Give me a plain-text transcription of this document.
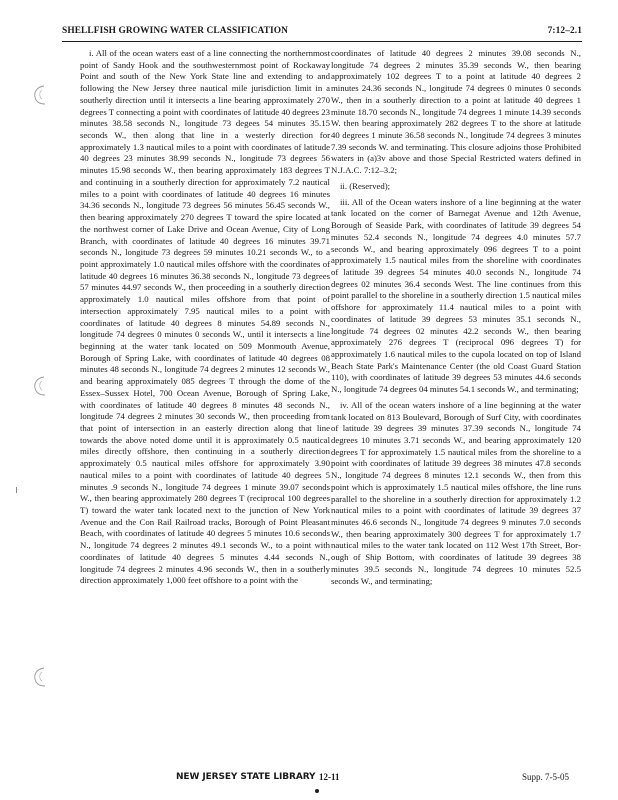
SHELLFISH GROWING WATER CLASSIFICATION	7:12–2.1

i. All of the ocean waters east of a line connecting the northernmost point of Sandy Hook and the southwesternmost point of Rockaway Point and south of the New York State line and extending to and following the New Jersey three nautical mile jurisdiction limit in a southerly direction until it intersects a line bearing approximately 270 degrees T connecting a point with coordinates of latitude 40 degrees 23 minutes 38.58 seconds N., longitude 73 degees 54 minutes 35.15 seconds W., then along that line in a westerly direction for approximately 1.3 nautical miles to a point with coordinates of latitude 40 degrees 23 minutes 38.99 seconds N., longitude 73 degrees 56 minutes 15.98 seconds W., then bearing approximately 183 degrees T and continuing in a southerly direction for approximately 7.2 nautical miles to a point with coordinates of latitude 40 degrees 16 minutes 34.36 seconds N., longitude 73 degrees 56 minutes 56.45 seconds W., then bearing approximately 270 degrees T toward the spire located at the northwest corner of Lake Drive and Ocean Avenue, City of Long Branch, with coordinates of latitude 40 degrees 16 minutes 39.71 seconds N., longitude 73 degrees 59 minutes 10.21 seconds W., to a point approximately 1.0 nautical miles offshore with the coordinates of latitude 40 degrees 16 minutes 36.38 seconds N., longitude 73 degrees 57 minutes 44.97 seconds W., then proceeding in a southerly direction approximately 1.0 nautical miles offshore from that point of intersection approximately 7.95 nautical miles to a point with coordinates of latitude 40 degrees 8 minutes 54.89 seconds N., longitude 74 degrees 0 minutes 0 seconds W., until it intersects a line beginning at the water tank located on 509 Monmouth Avenue, Borough of Spring Lake, with coordinates of latitude 40 degrees 08 minutes 48 seconds N., longitude 74 degrees 2 minutes 12 seconds W., and bearing approximately 085 degrees T through the dome of the Essex–Sussex Hotel, 700 Ocean Avenue, Borough of Spring Lake, with coordinates of latitude 40 degrees 8 minutes 48 seconds N., longitude 74 degrees 2 minutes 30 seconds W., then proceeding from that point of intersection in an easterly direction along that line towards the above noted dome until it is approximately 0.5 nautical miles directly offshore, then continuing in a southerly direction approximately 0.5 nautical miles offshore for approximately 3.90 nautical miles to a point with coordinates of latitude 40 degrees 5 minutes .9 seconds N., longitude 74 degrees 1 minute 39.07 seconds W., then bearing approximately 280 degrees T (reciprocal 100 degrees T) toward the water tank located next to the junction of New York Avenue and the Con Rail Railroad tracks, Borough of Point Pleasant Beach, with coordinates of latitude 40 degrees 5 minutes 10.6 seconds N., longitude 74 degrees 2 minutes 49.1 seconds W., to a point with coordinates of latitude 40 degrees 5 minutes 4.44 seconds N., longitude 74 degrees 2 minutes 4.96 seconds W., then in a southerly direction approximately 1,000 feet offshore to a point with the

coordinates of latitude 40 degrees 2 minutes 39.08 seconds N., longitude 74 degrees 2 minutes 35.39 seconds W., then bearing approximately 102 degrees T to a point at latitude 40 degrees 2 minutes 24.36 seconds N., longitude 74 degrees 0 minutes 0 seconds W., then in a southerly direction to a point at latitude 40 degrees 1 minute 18.70 seconds N., longitude 74 degrees 1 minute 14.39 seconds W. then bearing approximately 282 degrees T to the shore at latitude 40 degrees 1 minute 36.58 seconds N., longitude 74 degrees 3 minutes 7.39 seconds W. and terminating. This closure adjoins those Prohibited waters in (a)3v above and those Special Restricted waters defined in N.J.A.C. 7:12–3.2;

ii. (Reserved);

iii. All of the Ocean waters inshore of a line beginning at the water tank located on the corner of Barnegat Avenue and 12th Avenue, Borough of Seaside Park, with coordinates of latitude 39 degrees 54 minutes 52.4 seconds N., longitude 74 degrees 4.0 minutes 57.7 seconds W., and bearing approximately 096 degrees T to a point approximately 1.5 nautical miles from the shoreline with coordinates of latitude 39 degrees 54 minutes 40.0 seconds N., longitude 74 degrees 02 minutes 36.4 seconds West. The line continues from this point parallel to the shoreline in a southerly direction 1.5 nautical miles offshore for approximately 11.4 nautical miles to a point with coordinates of latitude 39 degrees 53 minutes 35.1 seconds N., longitude 74 degrees 02 minutes 42.2 seconds W., then bearing approximately 276 degrees T (reciprocal 096 degrees T) for approximately 1.6 nautical miles to the cupola located on top of Island Beach State Park's Maintenance Center (the old Coast Guard Station 110), with coordinates of latitude 39 degrees 53 minutes 44.6 seconds N., longitude 74 degrees 04 minutes 54.1 seconds W., and terminating;

iv. All of the ocean waters inshore of a line beginning at the water tank located on 813 Boulevard, Borough of Surf City, with coordinates of latitude 39 degrees 39 minutes 37.39 seconds N., longitude 74 degrees 10 minutes 3.71 seconds W., and bearing approximately 120 degrees T for approximately 1.5 nautical miles from the shoreline to a point with coordinates of latitude 39 degrees 38 minutes 47.8 seconds N., longitude 74 degrees 8 minutes 12.1 seconds W., then from this point which is approximately 1.5 nautical miles offshore, the line runs parallel to the shoreline in a southerly direction for approximately 1.2 nautical miles to a point with coordinates of latitude 39 degrees 37 minutes 46.6 seconds N., longitude 74 degrees 9 minutes 7.0 seconds W., then bearing approximately 300 degrees T for approximately 1.7 nautical miles to the water tank located on 112 West 17th Street, Borough of Ship Bottom, with coordinates of latitude 39 degrees 38 minutes 39.5 seconds N., longitude 74 degrees 10 minutes 52.5 seconds W., and terminating;

NEW JERSEY STATE LIBRARY 12-11	Supp. 7-5-05
